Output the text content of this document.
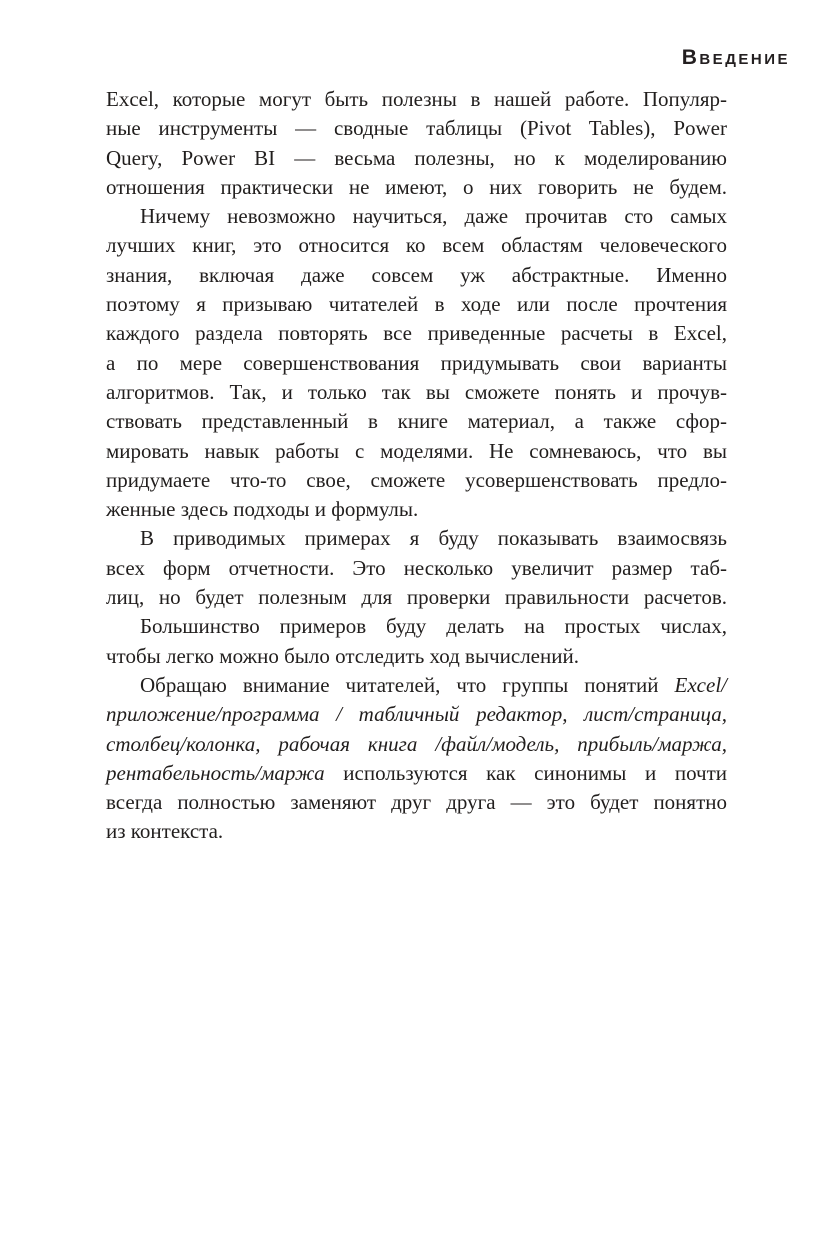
Введение
Excel, которые могут быть полезны в нашей работе. Популяр-
ные инструменты — сводные таблицы (Pivot Tables), Power
Query, Power BI — весьма полезны, но к моделированию
отношения практически не имеют, о них говорить не будем.
Ничему невозможно научиться, даже прочитав сто самых
лучших книг, это относится ко всем областям человеческого
знания, включая даже совсем уж абстрактные. Именно
поэтому я призываю читателей в ходе или после прочтения
каждого раздела повторять все приведенные расчеты в Excel,
а по мере совершенствования придумывать свои варианты
алгоритмов. Так, и только так вы сможете понять и прочув-
ствовать представленный в книге материал, а также сфор-
мировать навык работы с моделями. Не сомневаюсь, что вы
придумаете что-то свое, сможете усовершенствовать предло-
женные здесь подходы и формулы.
В приводимых примерах я буду показывать взаимосвязь
всех форм отчетности. Это несколько увеличит размер таб-
лиц, но будет полезным для проверки правильности расчетов.
Большинство примеров буду делать на простых числах,
чтобы легко можно было отследить ход вычислений.
Обращаю внимание читателей, что группы понятий Excel/
приложение/программа / табличный редактор, лист/страница,
столбец/колонка, рабочая книга /файл/модель, прибыль/маржа,
рентабельность/маржа используются как синонимы и почти
всегда полностью заменяют друг друга — это будет понятно
из контекста.
